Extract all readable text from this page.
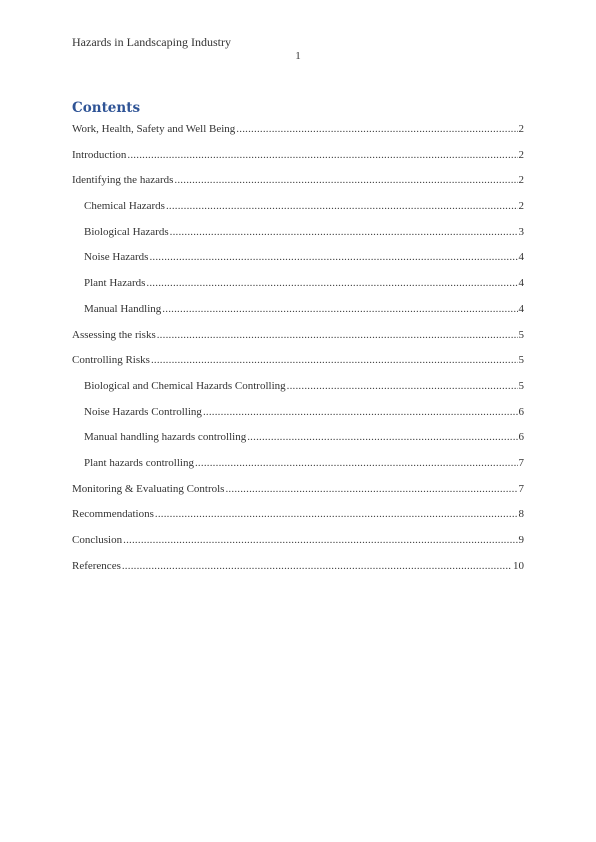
Hazards in Landscaping Industry
1
Contents
Work, Health, Safety and Well Being .....	2
Introduction .....	2
Identifying the hazards .....	2
Chemical Hazards .....	2
Biological Hazards .....	3
Noise Hazards .....	4
Plant Hazards .....	4
Manual Handling .....	4
Assessing the risks .....	5
Controlling Risks .....	5
Biological and Chemical Hazards Controlling .....	5
Noise Hazards Controlling .....	6
Manual handling hazards controlling .....	6
Plant hazards controlling .....	7
Monitoring & Evaluating Controls .....	7
Recommendations .....	8
Conclusion .....	9
References .....	10
